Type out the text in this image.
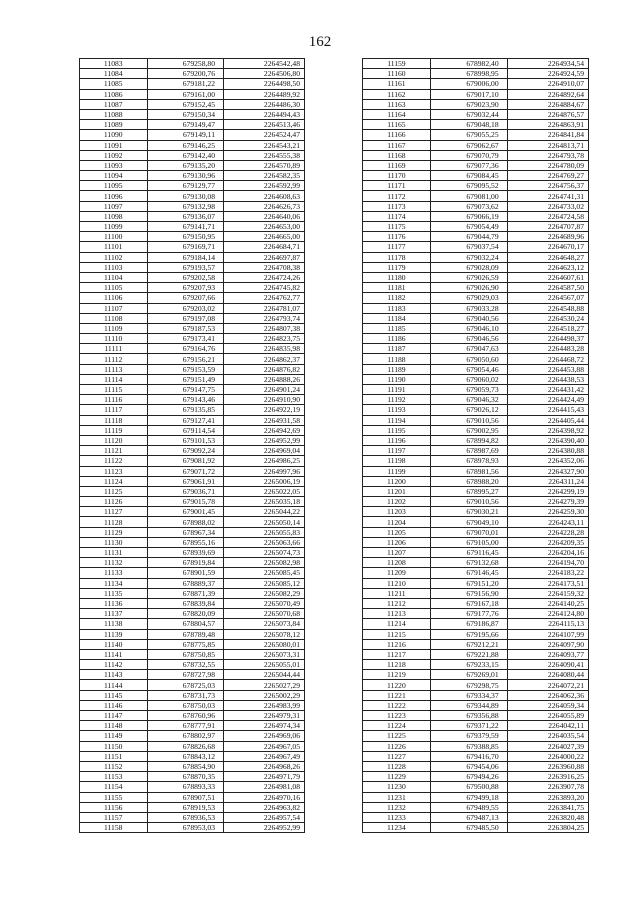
162
11083	679258,80	2264542,48
11084	679200,76	2264506,80
11085	679181,22	2264498,50
11086	679161,00	2264489,92
11087	679152,45	2264486,30
11088	679150,34	2264494,43
11089	679149,47	2264513,46
11090	679149,11	2264524,47
11091	679146,25	2264543,21
11092	679142,40	2264555,38
11093	679135,20	2264570,89
11094	679130,96	2264582,35
11095	679129,77	2264592,99
11096	679130,08	2264608,63
11097	679132,98	2264626,73
11098	679136,07	2264640,06
11099	679141,71	2264653,00
11100	679150,95	2264665,00
11101	679169,71	2264684,71
11102	679184,14	2264697,87
11103	679193,57	2264708,38
11104	679202,58	2264724,26
11105	679207,93	2264745,82
11106	679207,66	2264762,77
11107	679203,02	2264781,07
11108	679197,08	2264793,74
11109	679187,53	2264807,38
11110	679173,41	2264823,75
11111	679164,76	2264835,98
11112	679156,21	2264862,37
11113	679153,59	2264876,82
11114	679151,49	2264888,26
11115	679147,75	2264901,24
11116	679143,46	2264910,90
11117	679135,85	2264922,19
11118	679127,41	2264931,58
11119	679114,54	2264942,69
11120	679101,53	2264952,99
11121	679092,24	2264969,04
11122	679081,92	2264986,25
11123	679071,72	2264997,96
11124	679061,91	2265006,19
11125	679036,71	2265022,05
11126	679015,78	2265035,18
11127	679001,45	2265044,22
11128	678988,02	2265050,14
11129	678967,34	2265055,83
11130	678955,16	2265063,66
11131	678939,69	2265074,73
11132	678919,84	2265082,98
11133	678901,59	2265085,45
11134	678889,37	2265085,12
11135	678871,39	2265082,29
11136	678839,84	2265070,49
11137	678820,09	2265070,68
11138	678804,57	2265073,84
11139	678789,48	2265078,12
11140	678775,85	2265080,01
11141	678750,85	2265073,31
11142	678732,55	2265055,01
11143	678727,98	2265044,44
11144	678725,03	2265027,29
11145	678731,73	2265002,29
11146	678750,03	2264983,99
11147	678760,96	2264979,31
11148	678777,91	2264974,34
11149	678802,97	2264969,06
11150	678826,68	2264967,05
11151	678843,12	2264967,49
11152	678854,90	2264968,26
11153	678870,35	2264971,79
11154	678893,33	2264981,08
11155	678907,51	2264970,16
11156	678919,53	2264963,82
11157	678936,53	2264957,54
11158	678953,03	2264952,99
11159	678982,40	2264934,54
11160	678998,95	2264924,59
11161	679006,00	2264910,07
11162	679017,10	2264892,64
11163	679023,90	2264884,67
11164	679032,44	2264876,57
11165	679048,18	2264863,91
11166	679055,25	2264841,84
11167	679062,67	2264813,71
11168	679070,79	2264793,78
11169	679077,36	2264780,09
11170	679084,45	2264769,27
11171	679095,52	2264756,37
11172	679081,00	2264741,31
11173	679073,62	2264733,02
11174	679066,19	2264724,58
11175	679054,49	2264707,87
11176	679044,79	2264689,96
11177	679037,54	2264670,17
11178	679032,24	2264648,27
11179	679028,09	2264623,12
11180	679026,59	2264607,61
11181	679026,90	2264587,50
11182	679029,03	2264567,07
11183	679033,28	2264548,88
11184	679040,56	2264530,24
11185	679046,10	2264518,27
11186	679046,56	2264498,37
11187	679047,63	2264483,28
11188	679050,60	2264468,72
11189	679054,46	2264453,88
11190	679060,02	2264438,53
11191	679059,73	2264431,42
11192	679046,32	2264424,49
11193	679026,12	2264415,43
11194	679010,56	2264405,44
11195	679002,95	2264398,92
11196	678994,82	2264390,40
11197	678987,69	2264380,88
11198	678978,93	2264352,06
11199	678981,56	2264327,90
11200	678988,20	2264311,24
11201	678995,27	2264299,19
11202	679010,56	2264279,39
11203	679030,21	2264259,30
11204	679049,10	2264243,11
11205	679070,01	2264228,28
11206	679105,00	2264209,35
11207	679116,45	2264204,16
11208	679132,68	2264194,70
11209	679146,45	2264183,22
11210	679151,20	2264173,51
11211	679156,90	2264159,32
11212	679167,18	2264140,25
11213	679177,76	2264124,80
11214	679186,87	2264115,13
11215	679195,66	2264107,99
11216	679212,21	2264097,90
11217	679221,88	2264093,77
11218	679233,15	2264090,41
11219	679269,01	2264080,44
11220	679298,75	2264072,21
11221	679334,37	2264062,36
11222	679344,89	2264059,34
11223	679356,88	2264055,89
11224	679371,22	2264042,11
11225	679379,59	2264035,54
11226	679388,85	2264027,39
11227	679416,70	2264000,22
11228	679454,06	2263960,88
11229	679494,26	2263916,25
11230	679500,88	2263907,78
11231	679499,18	2263893,20
11232	679489,55	2263841,75
11233	679487,13	2263820,48
11234	679485,50	2263804,25
